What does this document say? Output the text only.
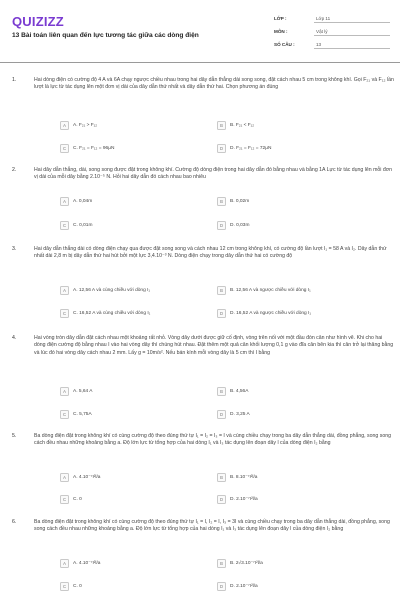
QUIZIZZ
13 Bài toán liên quan đến lực tương tác giữa các dòng điện
LỚP :	Lớp 11
MÔN :	Vật lý
SỐ CÂU :	13
1.	Hai dòng điện có cường độ 4 A và 6A chạy ngược chiều nhau trong hai dây dẫn thẳng dài song song, đặt cách nhau 5 cm trong không khí. Gọi F₂₁ và F₁₂ lần lượt là lực từ tác dụng lên một đơn vị dài của dây dẫn thứ nhất và dây dẫn thứ hai. Chọn phương án đúng
A	A. F₂₁ > F₁₂	B	B. F₂₁ < F₁₂
C	C. F₂₁ = F₁₂ = 96μN	D	D. F₂₁ = F₁₂ = 72μN
2.	Hai dây dẫn thẳng, dài, song song được đặt trong không khí. Cường độ dòng điện trong hai dây dẫn đó bằng nhau và bằng 1A Lực từ tác dụng lên mỗi đơn vị dài của mỗi dây bằng 2.10⁻⁵ N. Hỏi hai dây dẫn đó cách nhau bao nhiêu
A	A. 0,04m	B	B. 0,02m
C	C. 0,01m	D	D. 0,03m
3.	Hai dây dẫn thẳng dài có dòng điện chạy qua được đặt song song và cách nhau 12 cm trong không khí, có cường độ lần lượt I₁ = 58 A và I₂. Dây dẫn thứ nhất dài 2,8 m bị dây dẫn thứ hai hút bởi một lực 3,4.10⁻³ N. Dòng điện chạy trong dây dẫn thứ hai có cường độ
A	A. 12,56 A và cùng chiều với dòng I₁	B	B. 12,56 A và ngược chiều với dòng I₁
C	C. 16,52 A và cùng chiều với dòng I₁	D	D. 16,52 A và ngược chiều với dòng I₁
4.	Hai vòng tròn dây dẫn đặt cách nhau một khoảng rất nhỏ. Vòng dây dưới được giữ cố định, vòng trên nối với một đầu đòn cân như hình vẽ. Khi cho hai dòng điện cường độ bằng nhau I vào hai vòng dây thì chúng hút nhau. Đặt thêm một quả cân khối lượng 0,1 g vào đĩa cân bên kia thì cân trở lại thăng bằng và lúc đó hai vòng dây cách nhau 2 mm. Lấy g = 10m/s². Nếu bán kính mỗi vòng dây là 5 cm thì I bằng
A	A. 5,64 A	B	B. 4,56A
C	C. 5,75A	D	D. 3,25 A
5.	Ba dòng điện đặt trong không khí có cùng cường độ theo đúng thứ tự I₁ = I₂ = I₃ = I và cùng chiều chạy trong ba dây dẫn thẳng dài, đồng phẳng, song song cách đều nhau những khoảng bằng a. Độ lớn lực từ tổng hợp của hai dòng I₁ và I₃ tác dụng lên đoạn dây l của dòng điện I₂ bằng
A	A. 4.10⁻⁷I²l/a	B	B. 8.10⁻⁷I²l/a
C	C. 0	D	D. 2.10⁻⁷I²l/a
6.	Ba dòng điện đặt trong không khí có cùng cường độ theo đúng thứ tự I₁ = I, I₂ = I, I₃ = 3I và cùng chiều chạy trong ba dây dẫn thẳng dài, đồng phẳng, song song cách đều nhau những khoảng bằng a. Độ lớn lực từ tổng hợp của hai dòng I₁ và I₃ tác dụng lên đoạn dây l của dòng điện I₂ bằng
A	A. 4.10⁻⁷I²l/a	B	B. 2√3.10⁻⁷I²l/a
C	C. 0	D	D. 2.10⁻⁷I²l/a
